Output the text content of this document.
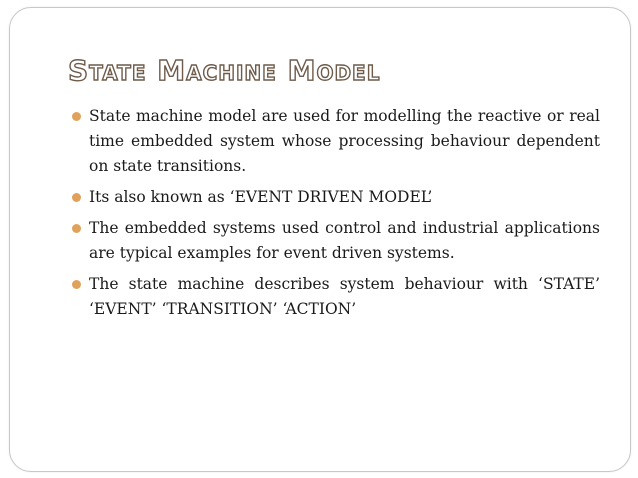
State Machine Model
State machine model are used for modelling the reactive or real time embedded system whose processing behaviour dependent on state transitions.
Its also known as ‘EVENT DRIVEN MODEL’
The embedded systems used control and industrial applications are typical examples for event driven systems.
The state machine describes system behaviour with ‘STATE’ ‘EVENT’ ‘TRANSITION’ ‘ACTION’
